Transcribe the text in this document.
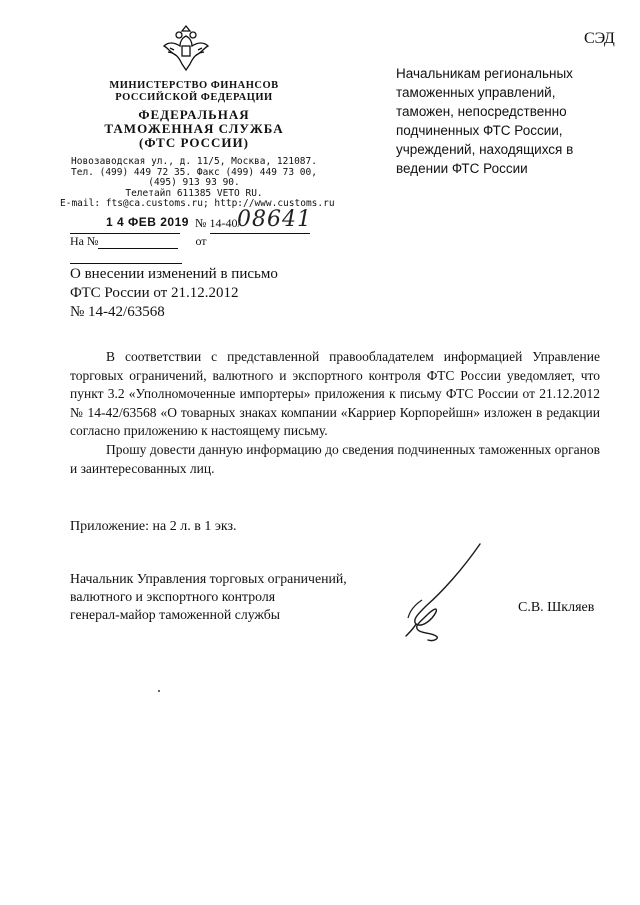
СЭД
МИНИСТЕРСТВО ФИНАНСОВ
РОССИЙСКОЙ ФЕДЕРАЦИИ
ФЕДЕРАЛЬНАЯ
ТАМОЖЕННАЯ СЛУЖБА
(ФТС РОССИИ)
Новозаводская ул., д. 11/5, Москва, 121087.
Тел. (499) 449 72 35. Факс (499) 449 73 00,
(495) 913 93 90.
Телетайп 611385 VETO RU.
E-mail: fts@ca.customs.ru; http://www.customs.ru
1 4 ФЕВ 2019 № 14-40/
08641
На №	от
Начальникам региональных таможенных управлений, таможен, непосредственно подчиненных ФТС России, учреждений, находящихся в ведении ФТС России
О внесении изменений в письмо
ФТС России от 21.12.2012
№ 14-42/63568

В соответствии с представленной правообладателем информацией Управление торговых ограничений, валютного и экспортного контроля ФТС России уведомляет, что пункт 3.2 «Уполномоченные импортеры» приложения к письму ФТС России от 21.12.2012 № 14-42/63568 «О товарных знаках компании «Карриер Корпорейшн» изложен в редакции согласно приложению к настоящему письму.

Прошу довести данную информацию до сведения подчиненных таможенных органов и заинтересованных лиц.

Приложение: на 2 л. в 1 экз.
Начальник Управления торговых ограничений,
валютного и экспортного контроля
генерал-майор таможенной службы	С.В. Шкляев
